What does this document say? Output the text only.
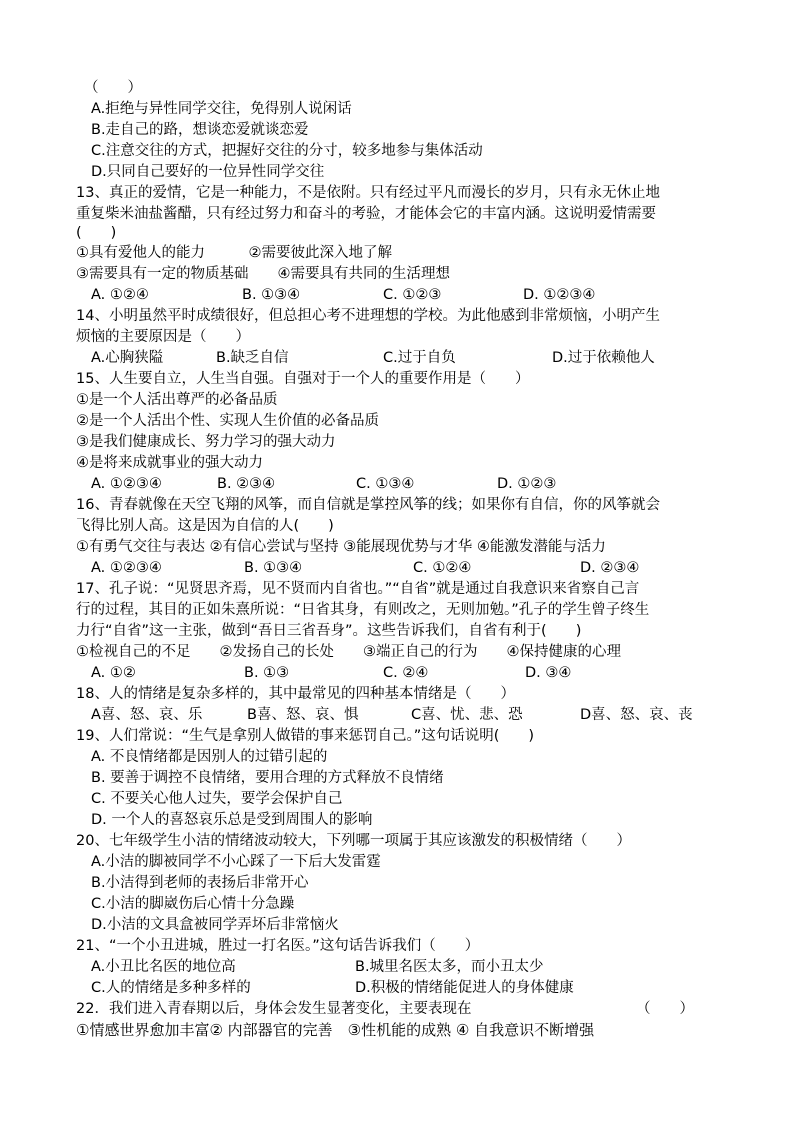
（　　）
A.拒绝与异性同学交往，免得别人说闲话
B.走自己的路，想谈恋爱就谈恋爱
C.注意交往的方式，把握好交往的分寸，较多地参与集体活动
D.只同自己要好的一位异性同学交往
13、真正的爱情，它是一种能力，不是依附。只有经过平凡而漫长的岁月，只有永无休止地
重复柴米油盐酱醋，只有经过努力和奋斗的考验，才能体会它的丰富内涵。这说明爱情需要
(　　)
①具有爱他人的能力　　　②需要彼此深入地了解
③需要具有一定的物质基础　　④需要具有共同的生活理想
A. ①②④	B. ①③④	C. ①②③	D. ①②③④
14、小明虽然平时成绩很好，但总担心考不进理想的学校。为此他感到非常烦恼，小明产生
烦恼的主要原因是（　　）
A.心胸狭隘	B.缺乏自信	C.过于自负	D.过于依赖他人
15、人生要自立，人生当自强。自强对于一个人的重要作用是（　　）
①是一个人活出尊严的必备品质
②是一个人活出个性、实现人生价值的必备品质
③是我们健康成长、努力学习的强大动力
④是将来成就事业的强大动力
A. ①②③④	B. ②③④	C. ①③④	D. ①②③
16、青春就像在天空飞翔的风筝，而自信就是掌控风筝的线；如果你有自信，你的风筝就会
飞得比别人高。这是因为自信的人(　　)
①有勇气交往与表达 ②有信心尝试与坚持 ③能展现优势与才华 ④能激发潜能与活力
A. ①②③④	B. ①③④	C. ①②④	D. ②③④
17、孔子说：“见贤思齐焉，见不贤而内自省也。”“自省”就是通过自我意识来省察自己言
行的过程，其目的正如朱熹所说：“日省其身，有则改之，无则加勉。”孔子的学生曾子终生
力行“自省”这一主张，做到“吾日三省吾身”。这些告诉我们，自省有利于(　　)
①检视自己的不足　　②发扬自己的长处　　③端正自己的行为　　④保持健康的心理
A. ①②	B. ①③	C. ②④	D. ③④
18、人的情绪是复杂多样的，其中最常见的四种基本情绪是（　　）
A喜、怒、哀、乐	B喜、怒、哀、惧	C喜、忧、悲、恐	D喜、怒、哀、丧
19、人们常说：“生气是拿别人做错的事来惩罚自己。”这句话说明(　　)
A. 不良情绪都是因别人的过错引起的
B. 要善于调控不良情绪，要用合理的方式释放不良情绪
C. 不要关心他人过失，要学会保护自己
D. 一个人的喜怒哀乐总是受到周围人的影响
20、七年级学生小洁的情绪波动较大，下列哪一项属于其应该激发的积极情绪（　　）
A.小洁的脚被同学不小心踩了一下后大发雷霆
B.小洁得到老师的表扬后非常开心
C.小洁的脚崴伤后心情十分急躁
D.小洁的文具盒被同学弄坏后非常恼火
21、“一个小丑进城，胜过一打名医。”这句话告诉我们（　　）
A.小丑比名医的地位高	B.城里名医太多，而小丑太少
C.人的情绪是多种多样的	D.积极的情绪能促进人的身体健康
22．我们进入青春期以后，身体会发生显著变化，主要表现在	（　　）
①情感世界愈加丰富② 内部器官的完善　③性机能的成熟 ④ 自我意识不断增强
